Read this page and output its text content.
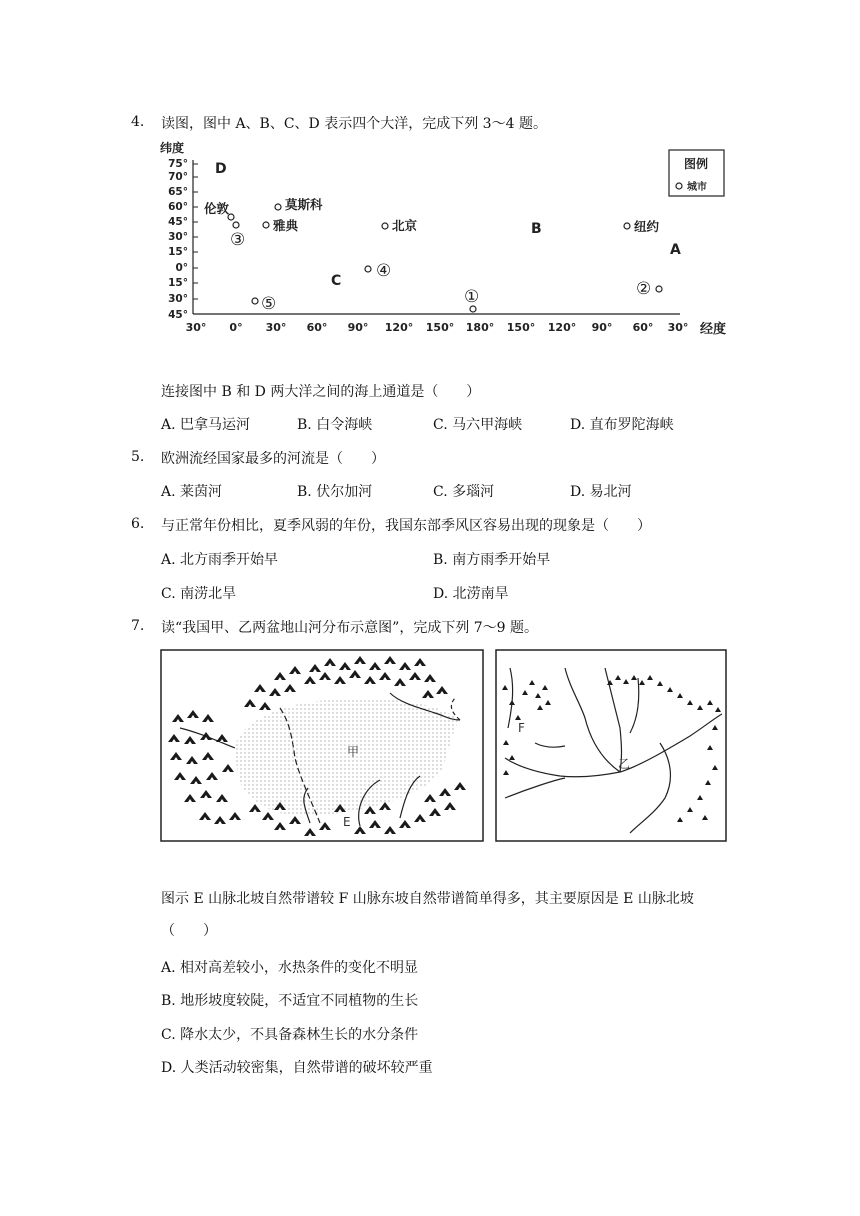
4. 读图，图中 A、B、C、D 表示四个大洋，完成下列 3～4 题。
纬度
75°
70°
65°
60°
45°
30°
15°
0°
15°
30°
45°
30° 0° 30° 60° 90° 120° 150° 180° 150° 120° 90° 60° 30° 经度
图例
城市
A
B
C
D
伦敦	莫斯科
雅典	北京	纽约
①	②
③
④
⑤
连接图中 B 和 D 两大洋之间的海上通道是（　　）
A. 巴拿马运河	B. 白令海峡	C. 马六甲海峡	D. 直布罗陀海峡
5. 欧洲流经国家最多的河流是（　　）
A. 莱茵河	B. 伏尔加河	C. 多瑙河	D. 易北河
6. 与正常年份相比，夏季风弱的年份，我国东部季风区容易出现的现象是（　　）
A. 北方雨季开始早	B. 南方雨季开始早
C. 南涝北旱	D. 北涝南旱
7. 读“我国甲、乙两盆地山河分布示意图”，完成下列 7～9 题。
甲
E
F
乙
图示 E 山脉北坡自然带谱较 F 山脉东坡自然带谱简单得多，其主要原因是 E 山脉北坡
（　　）
A. 相对高差较小，水热条件的变化不明显
B. 地形坡度较陡，不适宜不同植物的生长
C. 降水太少，不具备森林生长的水分条件
D. 人类活动较密集，自然带谱的破坏较严重
